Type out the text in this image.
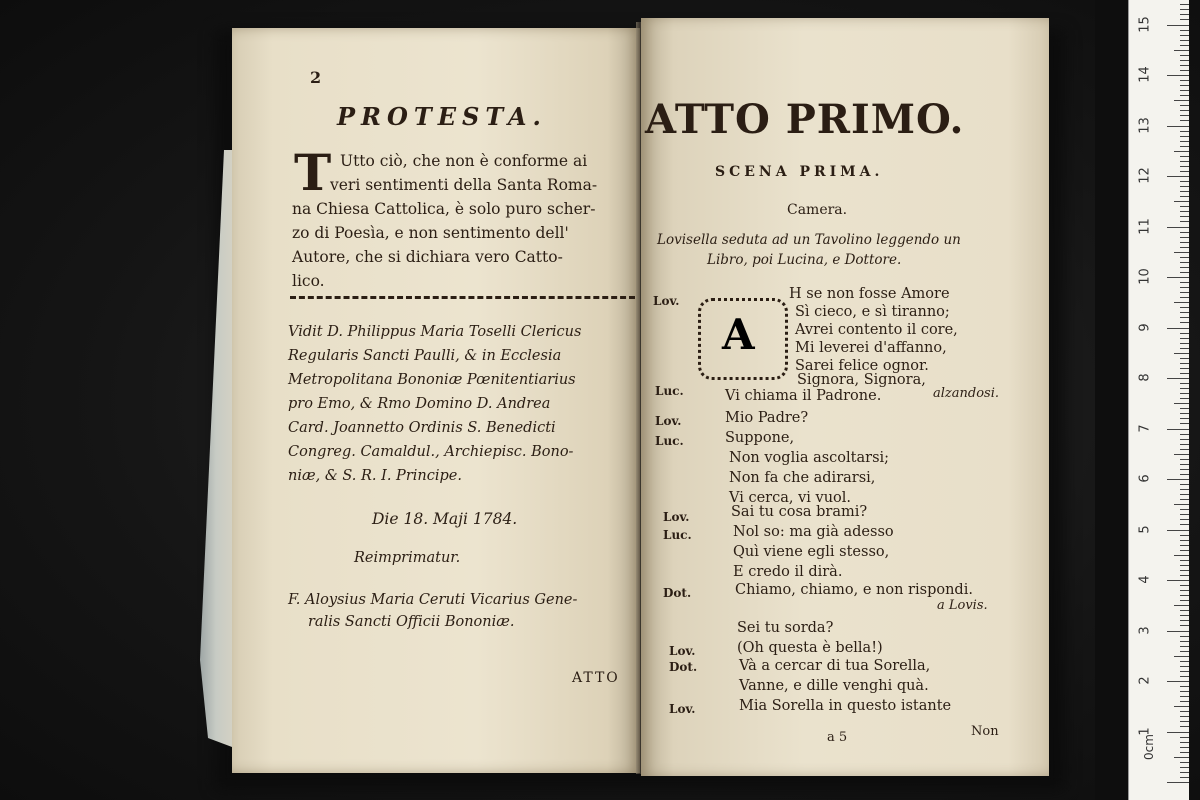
2
PROTESTA.
T Utto ciò, che non è conforme ai
veri sentimenti della Santa Roma-
na Chiesa Cattolica, è solo puro scher-
zo di Poesìa, e non sentimento dell'
Autore, che si dichiara vero Catto-
lico.
Vidit D. Philippus Maria Toselli Clericus
Regularis Sancti Paulli, & in Ecclesia
Metropolitana Bononiæ Pœnitentiarius
pro Emo, & Rmo Domino D. Andrea
Card. Joannetto Ordinis S. Benedicti
Congreg. Camaldul., Archiepisc. Bono-
niæ, & S. R. I. Principe.
Die 18. Maji 1784.
Reimprimatur.
F. Aloysius Maria Ceruti Vicarius Gene-
ralis Sancti Officii Bononiæ.
ATTO
ATTO PRIMO.
SCENA PRIMA.
Camera.
Lovisella seduta ad un Tavolino leggendo un
Libro, poi Lucina, e Dottore.
Lov.	H se non fosse Amore
Sì cieco, e sì tiranno;
Avrei contento il core,
Mi leverei d'affanno,
Sarei felice ognor.
Luc.
Signora, Signora,
Vi chiama il Padrone.	alzandosi.
Lov.	Mio Padre?
Luc.	Suppone,
Non voglia ascoltarsi;
Non fa che adirarsi,
Vi cerca, vi vuol.
Lov.	Sai tu cosa brami?
Luc.	Nol so: ma già adesso
Quì viene egli stesso,
E credo il dirà.
Dot.	Chiamo, chiamo, e non rispondi.
a Lovis.
Sei tu sorda?
Lov.	(Oh questa è bella!)
Dot.	Và a cercar di tua Sorella,
Vanne, e dille venghi quà.
Lov.	Mia Sorella in questo istante
a 5	Non
A
1
2
3
4
5
6
7
8
9
10
11
12
13
14
15
0cm
